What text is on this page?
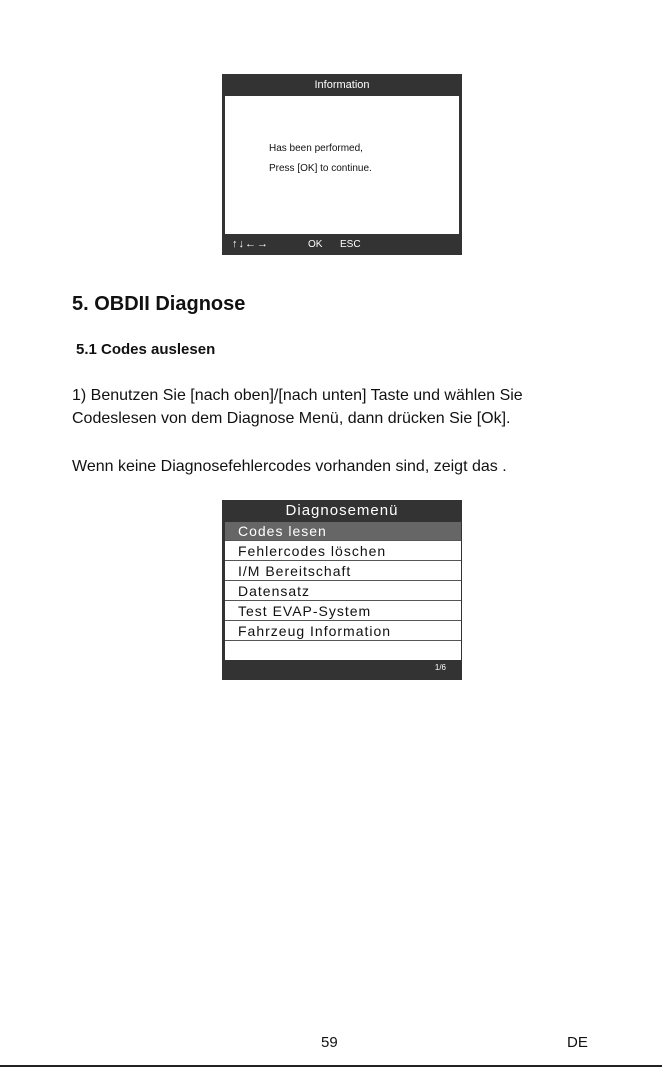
Information
Has been performed,
Press [OK] to continue.
↑↓←→	OK ESC
5. OBDII Diagnose
5.1 Codes auslesen
1) Benutzen Sie [nach oben]/[nach unten] Taste und wählen Sie
Codeslesen von dem Diagnose Menü, dann drücken Sie [Ok].
Wenn keine Diagnosefehlercodes vorhanden sind, zeigt das .
Diagnosemenü
Codes lesen
Fehlercodes löschen
I/M Bereitschaft
Datensatz
Test EVAP-System
Fahrzeug Information
1/6
59	DE
